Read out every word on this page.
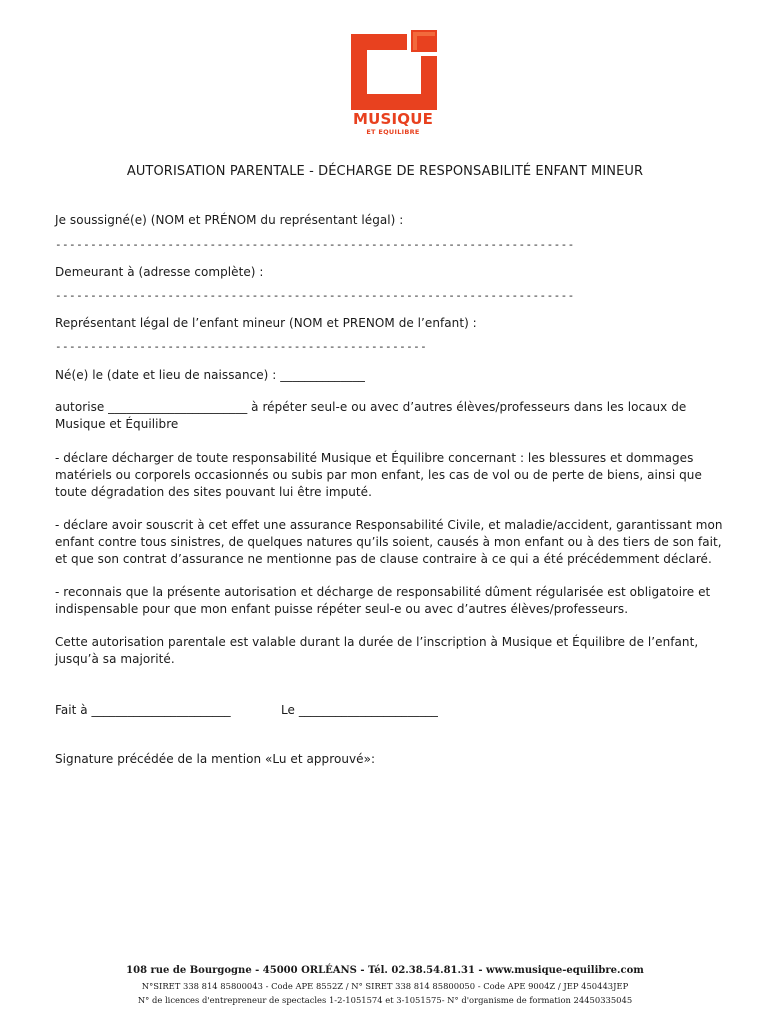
MUSIQUE
ET EQUILIBRE
AUTORISATION PARENTALE - DÉCHARGE DE RESPONSABILITÉ ENFANT MINEUR
Je soussigné(e) (NOM et PRÉNOM du représentant légal) :
--------------------------------------------------------------------------
Demeurant à (adresse complète) :
--------------------------------------------------------------------------
Représentant légal de l’enfant mineur (NOM et PRENOM de l’enfant) :
-----------------------------------------------------
Né(e) le (date et lieu de naissance) : ______________
autorise _______________________ à répéter seul-e ou avec d’autres élèves/professeurs dans les locaux de Musique et Équilibre
- déclare décharger de toute responsabilité Musique et Équilibre concernant : les blessures et dommages matériels ou corporels occasionnés ou subis par mon enfant, les cas de vol ou de perte de biens, ainsi que toute dégradation des sites pouvant lui être imputé.
- déclare avoir souscrit à cet effet une assurance Responsabilité Civile, et maladie/accident, garantissant mon enfant contre tous sinistres, de quelques natures qu’ils soient, causés à mon enfant ou à des tiers de son fait, et que son contrat d’assurance ne mentionne pas de clause contraire à ce qui a été précédemment déclaré.
- reconnais que la présente autorisation et décharge de responsabilité dûment régularisée est obligatoire et indispensable pour que mon enfant puisse répéter seul-e ou avec d’autres élèves/professeurs.
Cette autorisation parentale est valable durant la durée de l’inscription à Musique et Équilibre de l’enfant, jusqu’à sa majorité.
Fait à _______________________	Le _______________________
Signature précédée de la mention «Lu et approuvé»:
108 rue de Bourgogne - 45000 ORLÉANS - Tél. 02.38.54.81.31 - www.musique-equilibre.com
N°SIRET 338 814 85800043 - Code APE 8552Z / N° SIRET 338 814 85800050 - Code APE 9004Z / JEP 450443JEP
N° de licences d'entrepreneur de spectacles 1-2-1051574 et 3-1051575- N° d'organisme de formation 24450335045
